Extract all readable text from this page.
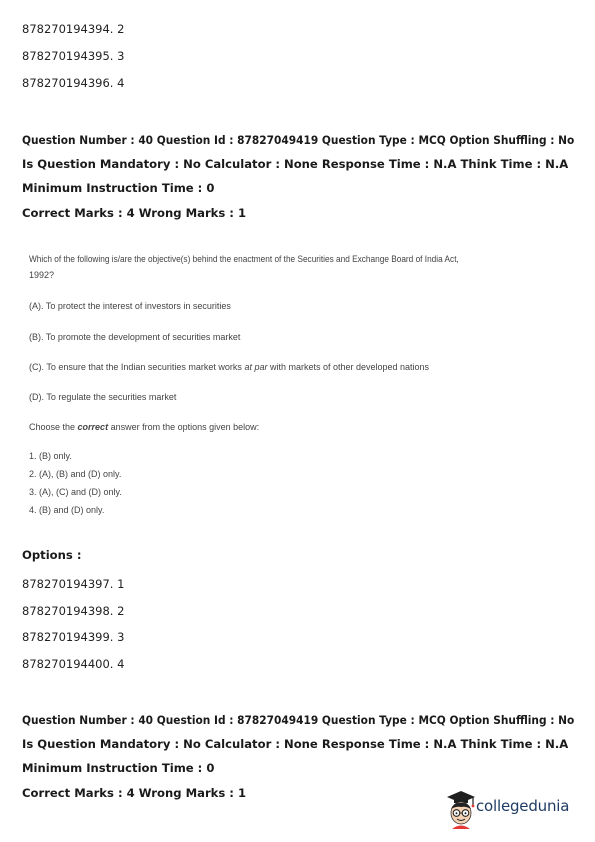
878270194394. 2
878270194395. 3
878270194396. 4
Question Number : 40 Question Id : 87827049419 Question Type : MCQ Option Shuffling : No
Is Question Mandatory : No Calculator : None Response Time : N.A Think Time : N.A
Minimum Instruction Time : 0
Correct Marks : 4 Wrong Marks : 1
Which of the following is/are the objective(s) behind the enactment of the Securities and Exchange Board of India Act,
1992?
(A). To protect the interest of investors in securities
(B). To promote the development of securities market
(C). To ensure that the Indian securities market works at par with markets of other developed nations
(D). To regulate the securities market
Choose the correct answer from the options given below:
1. (B) only.
2. (A), (B) and (D) only.
3. (A), (C) and (D) only.
4. (B) and (D) only.
Options :
878270194397. 1
878270194398. 2
878270194399. 3
878270194400. 4
Question Number : 40 Question Id : 87827049419 Question Type : MCQ Option Shuffling : No
Is Question Mandatory : No Calculator : None Response Time : N.A Think Time : N.A
Minimum Instruction Time : 0
Correct Marks : 4 Wrong Marks : 1
collegedunia
